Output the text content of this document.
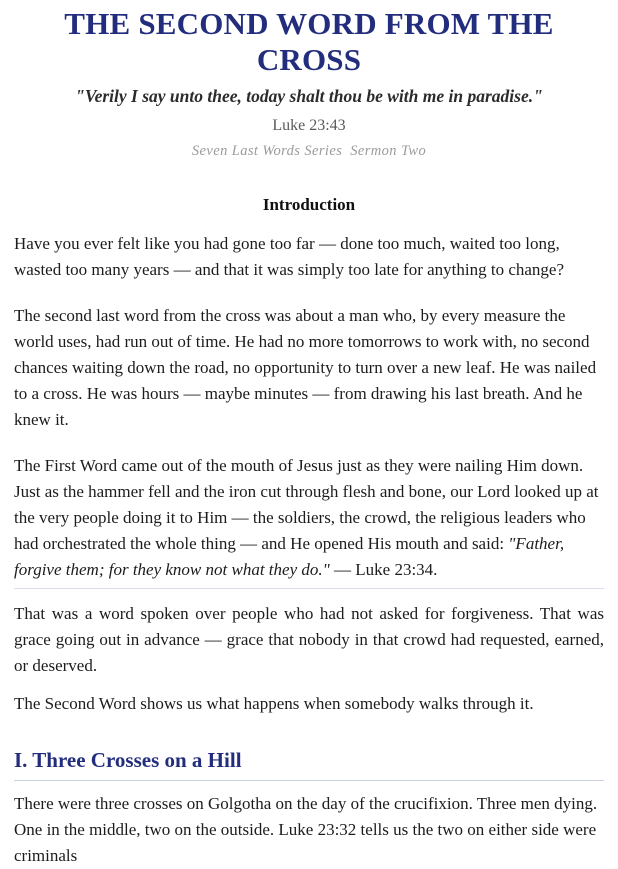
THE SECOND WORD FROM THE CROSS
"Verily I say unto thee, today shalt thou be with me in paradise."
Luke 23:43
Seven Last Words Series  Sermon Two
Introduction

Have you ever felt like you had gone too far — done too much, waited too long, wasted too many years — and that it was simply too late for anything to change?

The second last word from the cross was about a man who, by every measure the world uses, had run out of time. He had no more tomorrows to work with, no second chances waiting down the road, no opportunity to turn over a new leaf. He was nailed to a cross. He was hours — maybe minutes — from drawing his last breath. And he knew it.

The First Word came out of the mouth of Jesus just as they were nailing Him down. Just as the hammer fell and the iron cut through flesh and bone, our Lord looked up at the very people doing it to Him — the soldiers, the crowd, the religious leaders who had orchestrated the whole thing — and He opened His mouth and said: "Father, forgive them; for they know not what they do." — Luke 23:34.

That was a word spoken over people who had not asked for forgiveness. That was grace going out in advance — grace that nobody in that crowd had requested, earned, or deserved.

The Second Word shows us what happens when somebody walks through it.

I. Three Crosses on a Hill

There were three crosses on Golgotha on the day of the crucifixion. Three men dying. One in the middle, two on the outside. Luke 23:32 tells us the two on either side were criminals
